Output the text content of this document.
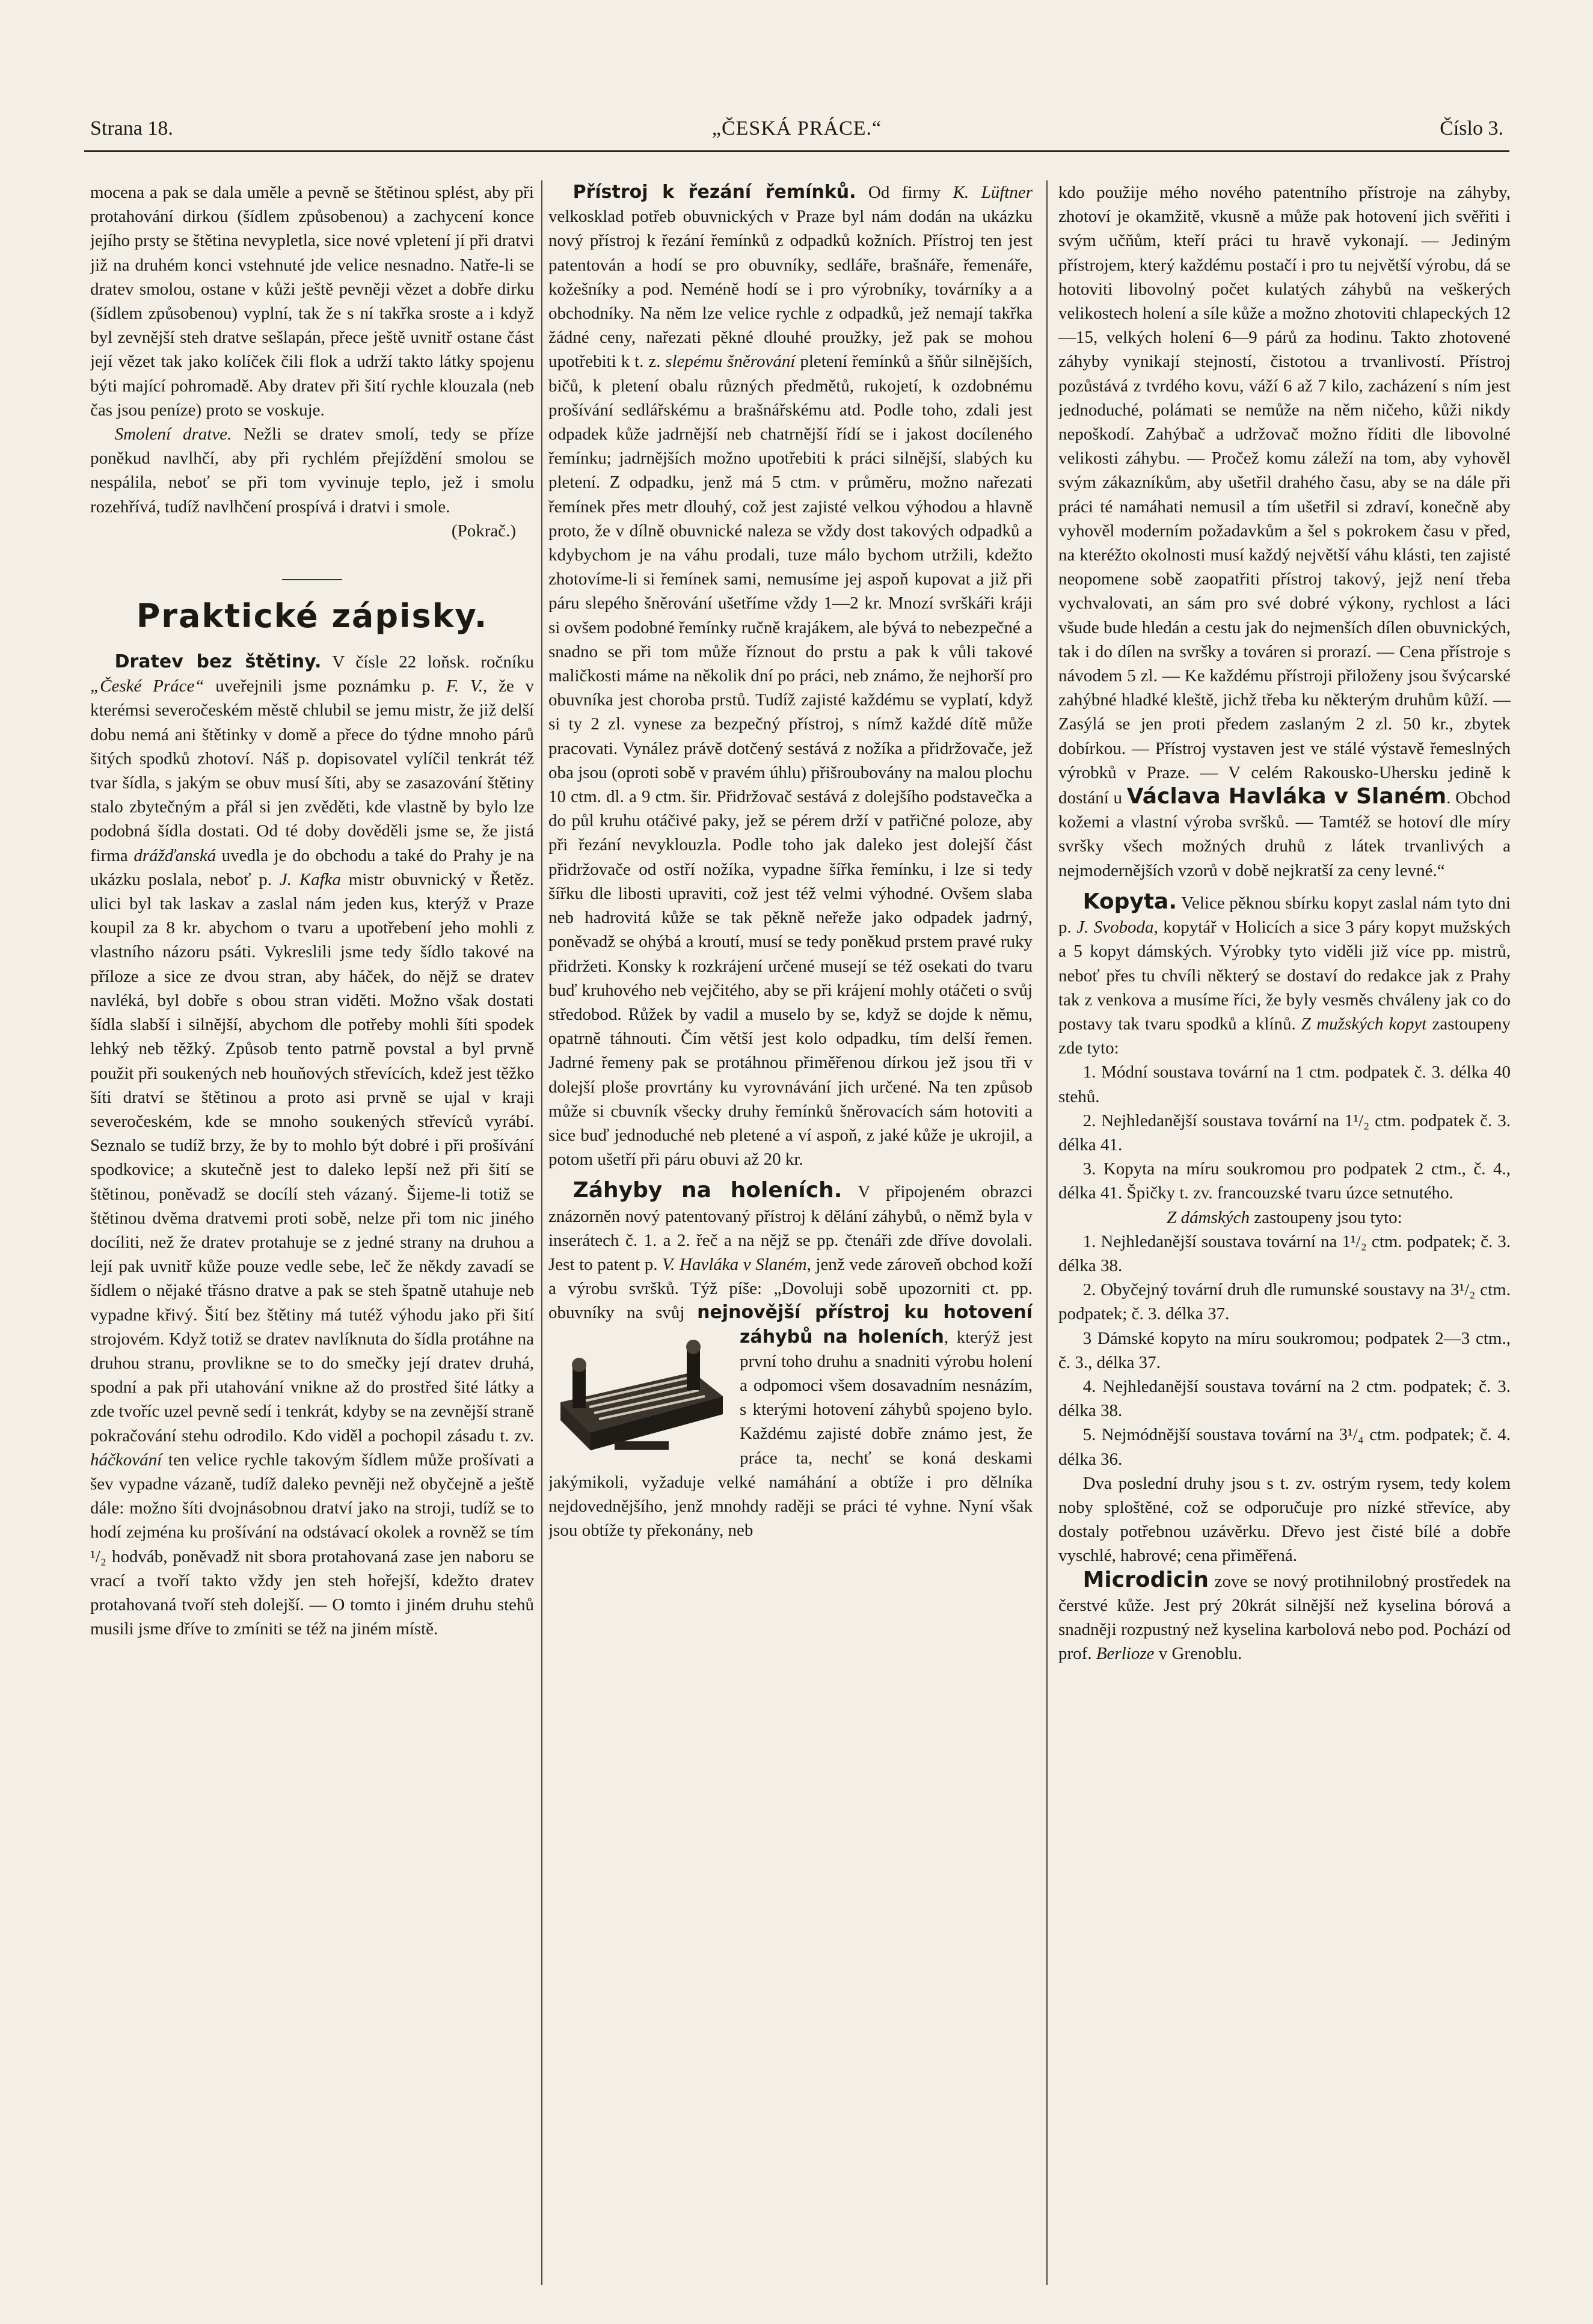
Strana 18.	„ČESKÁ PRÁCE.“	Číslo 3.

mocena a pak se dala uměle a pevně se štětinou splést, aby při protahování dirkou (šídlem způsobenou) a zachycení konce jejího prsty se štětina nevypletla, sice nové vpletení jí při dratvi již na druhém konci vstehnuté jde velice nesnadno. Natře-li se dratev smolou, ostane v kůži ještě pevněji vězet a dobře dirku (šídlem způsobenou) vyplní, tak že s ní takřka sroste a i když byl zevnější steh dratve sešlapán, přece ještě uvnitř ostane část její vězet tak jako kolíček čili flok a udrží takto látky spojenu býti mající pohromadě. Aby dratev při šití rychle klouzala (neb čas jsou peníze) proto se voskuje.

Smolení dratve. Nežli se dratev smolí, tedy se příze poněkud navlhčí, aby při rychlém přejíždění smolou se nespálila, neboť se při tom vyvinuje teplo, jež i smolu rozehřívá, tudíž navlhčení prospívá i dratvi i smole.

(Pokrač.)

Praktické zápisky.

Dratev bez štětiny. V čísle 22 loňsk. ročníku „České Práce“ uveřejnili jsme poznámku p. F. V., že v kterémsi severočeském městě chlubil se jemu mistr, že již delší dobu nemá ani štětinky v domě a přece do týdne mnoho párů šitých spodků zhotoví. Náš p. dopisovatel vylíčil tenkrát též tvar šídla, s jakým se obuv musí šíti, aby se zasazování štětiny stalo zbytečným a přál si jen zvěděti, kde vlastně by bylo lze podobná šídla dostati. Od té doby dověděli jsme se, že jistá firma drážďanská uvedla je do obchodu a také do Prahy je na ukázku poslala, neboť p. J. Kafka mistr obuvnický v Řetěz. ulici byl tak laskav a zaslal nám jeden kus, kterýž v Praze koupil za 8 kr. abychom o tvaru a upotřebení jeho mohli z vlastního názoru psáti. Vykreslili jsme tedy šídlo takové na příloze a sice ze dvou stran, aby háček, do nějž se dratev navléká, byl dobře s obou stran viděti. Možno však dostati šídla slabší i silnější, abychom dle potřeby mohli šíti spodek lehký neb těžký. Způsob tento patrně povstal a byl prvně použit při soukených neb houňových střevících, kdež jest těžko šíti dratví se štětinou a proto asi prvně se ujal v kraji severočeském, kde se mnoho soukených střevíců vyrábí. Seznalo se tudíž brzy, že by to mohlo být dobré i při prošívání spodkovice; a skutečně jest to daleko lepší než při šití se štětinou, poněvadž se docílí steh vázaný. Šijeme-li totiž se štětinou dvěma dratvemi proti sobě, nelze při tom nic jiného docíliti, než že dratev protahuje se z jedné strany na druhou a lejí pak uvnitř kůže pouze vedle sebe, leč že někdy zavadí se šídlem o nějaké třásno dratve a pak se steh špatně utahuje neb vypadne křivý. Šití bez štětiny má tutéž výhodu jako při šití strojovém. Když totiž se dratev navlíknuta do šídla protáhne na druhou stranu, provlikne se to do smečky její dratev druhá, spodní a pak při utahování vnikne až do prostřed šité látky a zde tvoříc uzel pevně sedí i tenkrát, kdyby se na zevnější straně pokračování stehu odrodilo. Kdo viděl a pochopil zásadu t. zv. háčkování ten velice rychle takovým šídlem může prošívati a šev vypadne vázaně, tudíž daleko pevněji než obyčejně a ještě dále: možno šíti dvojnásobnou dratví jako na stroji, tudíž se to hodí zejména ku prošívání na odstávací okolek a rovněž se tím ¹/₂ hodváb, poněvadž nit sbora protahovaná zase jen naboru se vrací a tvoří takto vždy jen steh hořejší, kdežto dratev protahovaná tvoří steh dolejší. — O tomto i jiném druhu stehů musili jsme dříve to zmíniti se též na jiném místě.

Přístroj k řezání řemínků. Od firmy K. Lüftner velkosklad potřeb obuvnických v Praze byl nám dodán na ukázku nový přístroj k řezání řemínků z odpadků kožních. Přístroj ten jest patentován a hodí se pro obuvníky, sedláře, brašnáře, řemenáře, kožešníky a pod. Neméně hodí se i pro výrobníky, továrníky a a obchodníky. Na něm lze velice rychle z odpadků, jež nemají takřka žádné ceny, nařezati pěkné dlouhé proužky, jež pak se mohou upotřebiti k t. z. slepému šněrování pletení řemínků a šňůr silnějších, bičů, k pletení obalu různých předmětů, rukojetí, k ozdobnému prošívání sedlářskému a brašnářskému atd. Podle toho, zdali jest odpadek kůže jadrnější neb chatrnější řídí se i jakost docíleného řemínku; jadrnějších možno upotřebiti k práci silnější, slabých ku pletení. Z odpadku, jenž má 5 ctm. v průměru, možno nařezati řemínek přes metr dlouhý, což jest zajisté velkou výhodou a hlavně proto, že v dílně obuvnické naleza se vždy dost takových odpadků a kdybychom je na váhu prodali, tuze málo bychom utržili, kdežto zhotovíme-li si řemínek sami, nemusíme jej aspoň kupovat a již při páru slepého šněrování ušetříme vždy 1—2 kr. Mnozí svrškáři kráji si ovšem podobné řemínky ručně krajákem, ale bývá to nebezpečné a snadno se při tom může říznout do prstu a pak k vůli takové maličkosti máme na několik dní po práci, neb známo, že nejhorší pro obuvníka jest choroba prstů. Tudíž zajisté každému se vyplatí, když si ty 2 zl. vynese za bezpečný přístroj, s nímž každé dítě může pracovati. Vynález právě dotčený sestává z nožíka a přidržovače, jež oba jsou (oproti sobě v pravém úhlu) přišroubovány na malou plochu 10 ctm. dl. a 9 ctm. šir. Přidržovač sestává z dolejšího podstavečka a do půl kruhu otáčivé paky, jež se pérem drží v patřičné poloze, aby při řezání nevyklouzla. Podle toho jak daleko jest dolejší část přidržovače od ostří nožíka, vypadne šířka řemínku, i lze si tedy šířku dle libosti upraviti, což jest též velmi výhodné. Ovšem slaba neb hadrovitá kůže se tak pěkně neřeže jako odpadek jadrný, poněvadž se ohýbá a kroutí, musí se tedy poněkud prstem pravé ruky přidržeti. Konsky k rozkrájení určené musejí se též osekati do tvaru buď kruhového neb vejčitého, aby se při krájení mohly otáčeti o svůj středobod. Růžek by vadil a muselo by se, když se dojde k němu, opatrně táhnouti. Čím větší jest kolo odpadku, tím delší řemen. Jadrné řemeny pak se protáhnou přiměřenou dírkou jež jsou tři v dolejší ploše provrtány ku vyrovnávání jich určené. Na ten způsob může si cbuvník všecky druhy řemínků šněrovacích sám hotoviti a sice buď jednoduché neb pletené a ví aspoň, z jaké kůže je ukrojil, a potom ušetří při páru obuvi až 20 kr.

Záhyby na holeních. V připojeném obrazci znázorněn nový patentovaný přístroj k dělání záhybů, o němž byla v inserátech č. 1. a 2. řeč a na nějž se pp. čtenáři zde dříve dovolali. Jest to patent p. V. Havláka v Slaném, jenž vede zároveň obchod koží a výrobu svršků. Týž píše: „Dovoluji sobě upozorniti ct. pp. obuvníky na svůj nejnovější přístroj ku hotovení záhybů na holeních
, kterýž jest první toho druhu a snadniti výrobu holení a odpomoci všem dosavadním nesnázím, s kterými hotovení záhybů spojeno bylo. Každému zajisté dobře známo jest, že práce ta, nechť se koná deskami jakýmikoli, vyžaduje velké namáhání a obtíže i pro dělníka nejdovednějšího, jenž mnohdy raději se práci té vyhne. Nyní však jsou obtíže ty překonány, neb

kdo použije mého nového patentního přístroje na záhyby, zhotoví je okamžitě, vkusně a může pak hotovení jich svěřiti i svým učňům, kteří práci tu hravě vykonají. — Jediným přístrojem, který každému postačí i pro tu největší výrobu, dá se hotoviti libovolný počet kulatých záhybů na veškerých velikostech holení a síle kůže a možno zhotoviti chlapeckých 12—15, velkých holení 6—9 párů za hodinu. Takto zhotovené záhyby vynikají stejností, čistotou a trvanlivostí. Přístroj pozůstává z tvrdého kovu, váží 6 až 7 kilo, zacházení s ním jest jednoduché, polámati se nemůže na něm ničeho, kůži nikdy nepoškodí. Zahýbač a udržovač možno říditi dle libovolné velikosti záhybu. — Pročež komu záleží na tom, aby vyhověl svým zákazníkům, aby ušetřil drahého času, aby se na dále při práci té namáhati nemusil a tím ušetřil si zdraví, konečně aby vyhověl moderním požadavkům a šel s pokrokem času v před, na kteréžto okolnosti musí každý největší váhu klásti, ten zajisté neopomene sobě zaopatřiti přístroj takový, jejž není třeba vychvalovati, an sám pro své dobré výkony, rychlost a láci všude bude hledán a cestu jak do nejmenších dílen obuvnických, tak i do dílen na svršky a továren si prorazí. — Cena přístroje s návodem 5 zl. — Ke každému přístroji přiloženy jsou švýcarské zahýbné hladké kleště, jichž třeba ku některým druhům kůží. — Zasýlá se jen proti předem zaslaným 2 zl. 50 kr., zbytek dobírkou. — Přístroj vystaven jest ve stálé výstavě řemeslných výrobků v Praze. — V celém Rakousko-Uhersku jedině k dostání u Václava Havláka v Slaném. Obchod kožemi a vlastní výroba svršků. — Tamtéž se hotoví dle míry svršky všech možných druhů z látek trvanlivých a nejmodernějších vzorů v době nejkratší za ceny levné.“

Kopyta. Velice pěknou sbírku kopyt zaslal nám tyto dni p. J. Svoboda, kopytář v Holicích a sice 3 páry kopyt mužských a 5 kopyt dámských. Výrobky tyto viděli již více pp. mistrů, neboť přes tu chvíli některý se dostaví do redakce jak z Prahy tak z venkova a musíme říci, že byly vesměs chváleny jak co do postavy tak tvaru spodků a klínů. Z mužských kopyt zastoupeny zde tyto:

1. Módní soustava tovární na 1 ctm. podpatek č. 3. délka 40 stehů.

2. Nejhledanější soustava tovární na 1¹/₂ ctm. podpatek č. 3. délka 41.

3. Kopyta na míru soukromou pro podpatek 2 ctm., č. 4., délka 41. Špičky t. zv. francouzské tvaru úzce setnutého.

Z dámských zastoupeny jsou tyto:

1. Nejhledanější soustava tovární na 1¹/₂ ctm. podpatek; č. 3. délka 38.

2. Obyčejný tovární druh dle rumunské soustavy na 3¹/₂ ctm. podpatek; č. 3. délka 37.

3 Dámské kopyto na míru soukromou; podpatek 2—3 ctm., č. 3., délka 37.

4. Nejhledanější soustava tovární na 2 ctm. podpatek; č. 3. délka 38.

5. Nejmódnější soustava tovární na 3¹/₄ ctm. podpatek; č. 4. délka 36.

Dva poslední druhy jsou s t. zv. ostrým rysem, tedy kolem noby sploštěné, což se odporučuje pro nízké střevíce, aby dostaly potřebnou uzávěrku. Dřevo jest čisté bílé a dobře vyschlé, habrové; cena přiměřená.

Microdicin zove se nový protihnilobný prostředek na čerstvé kůže. Jest prý 20krát silnější než kyselina bórová a snadněji rozpustný než kyselina karbolová nebo pod. Pochází od prof. Berlioze v Grenoblu.
